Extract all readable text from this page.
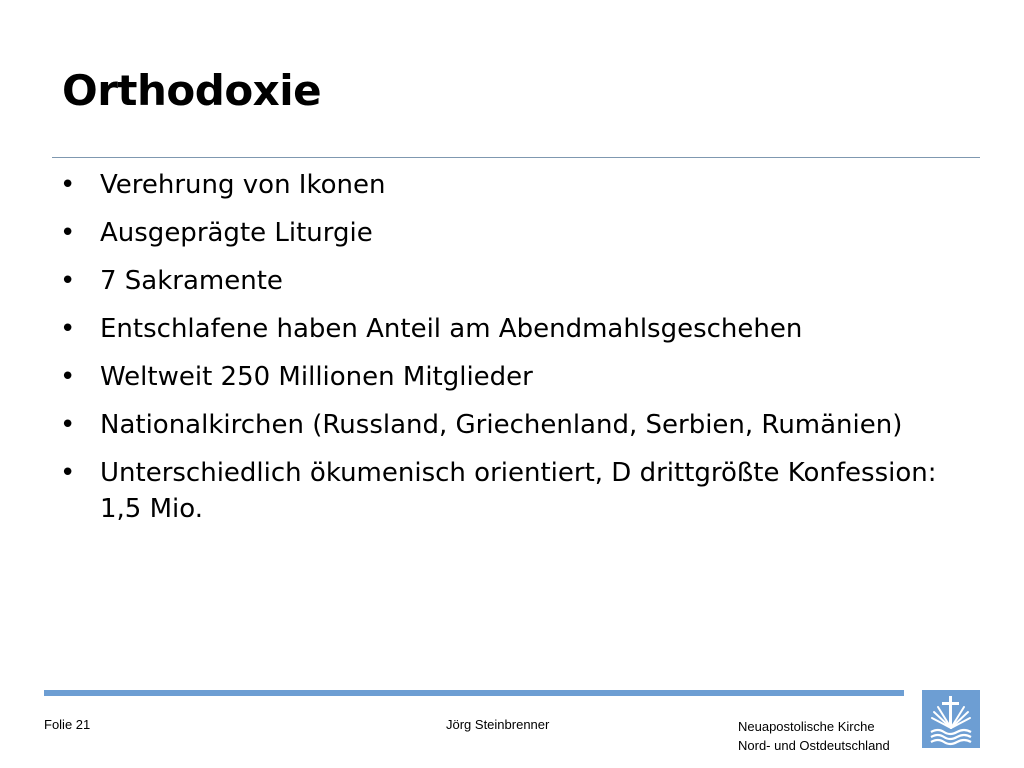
Orthodoxie
• Verehrung von Ikonen
• Ausgeprägte Liturgie
• 7 Sakramente
• Entschlafene haben Anteil am Abendmahlsgeschehen
• Weltweit 250 Millionen Mitglieder
• Nationalkirchen (Russland, Griechenland, Serbien, Rumänien)
• Unterschiedlich ökumenisch orientiert, D drittgrößte Konfession: 1,5 Mio.
Folie 21	Jörg Steinbrenner	Neuapostolische Kirche
Nord- und Ostdeutschland
